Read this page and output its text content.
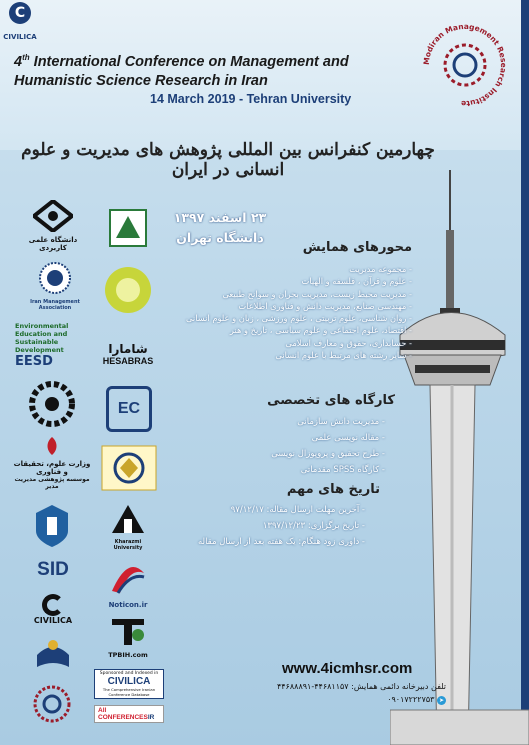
C
CIVILICA
4th International Conference on Management and
Humanistic Science Research in Iran
14 March 2019 - Tehran University
Modiran Management Research Institute
چهارمین کنفرانس بین المللی پژوهش های مدیریت و علوم انسانی در ایران
۲۳ اسفند ۱۳۹۷
دانشگاه تهران
محورهای همایش
- مجموعه مدیریت
- علوم و قرآن ، فلسفه و الهیات
- مدیریت محیط زیست، مدیریت بحران و سوانح طبیعی
- مهندسی صنایع، مدیریت دانش و فناوری اطلاعات
- روان شناسی، علوم تربیتی ، علوم ورزشی ، زبان و علوم انسانی
- اقتصاد، علوم اجتماعی و علوم سیاسی ، تاریخ و هنر
- حسابداری، حقوق و معارف اسلامی
- سایر رشته های مرتبط با علوم انسانی
کارگاه های تخصصی
- مدیریت دانش سازمانی
- مقاله نویسی علمی
- طرح تحقیق و پروپوزال نویسی
- کارگاه SPSS مقدماتی
تاریخ های مهم
- آخرین مهلت ارسال مقاله: ۹۷/۱۲/۱۷
- تاریخ برگزاری: ۱۳۹۷/۱۲/۲۳
- داوری زود هنگام: یک هفته بعد از ارسال مقاله
دانشگاه علمی کاربردی
Iran Management Association
Environmental Education and Sustainable Development
EESD
وزارت علوم، تحقیقات و فناوری
موسسه پژوهشی مدیریت مدیر
SID
CIVILICA
شامارا
HESABRAS
EC
Kharazmi University
Noticon.ir
TPBIH.com
Sponsored and Indexed in
CIVILICA
The Comprehensive Iranian Conference Database
All CONFERENCESIR
www.4icmhsr.com
تلفن دبیرخانه دائمی همایش: ۴۴۶۸۱۱۵۷-۴۴۶۸۸۸۹۱
➤ ۰۹۰۱۷۲۲۲۷۵۳
